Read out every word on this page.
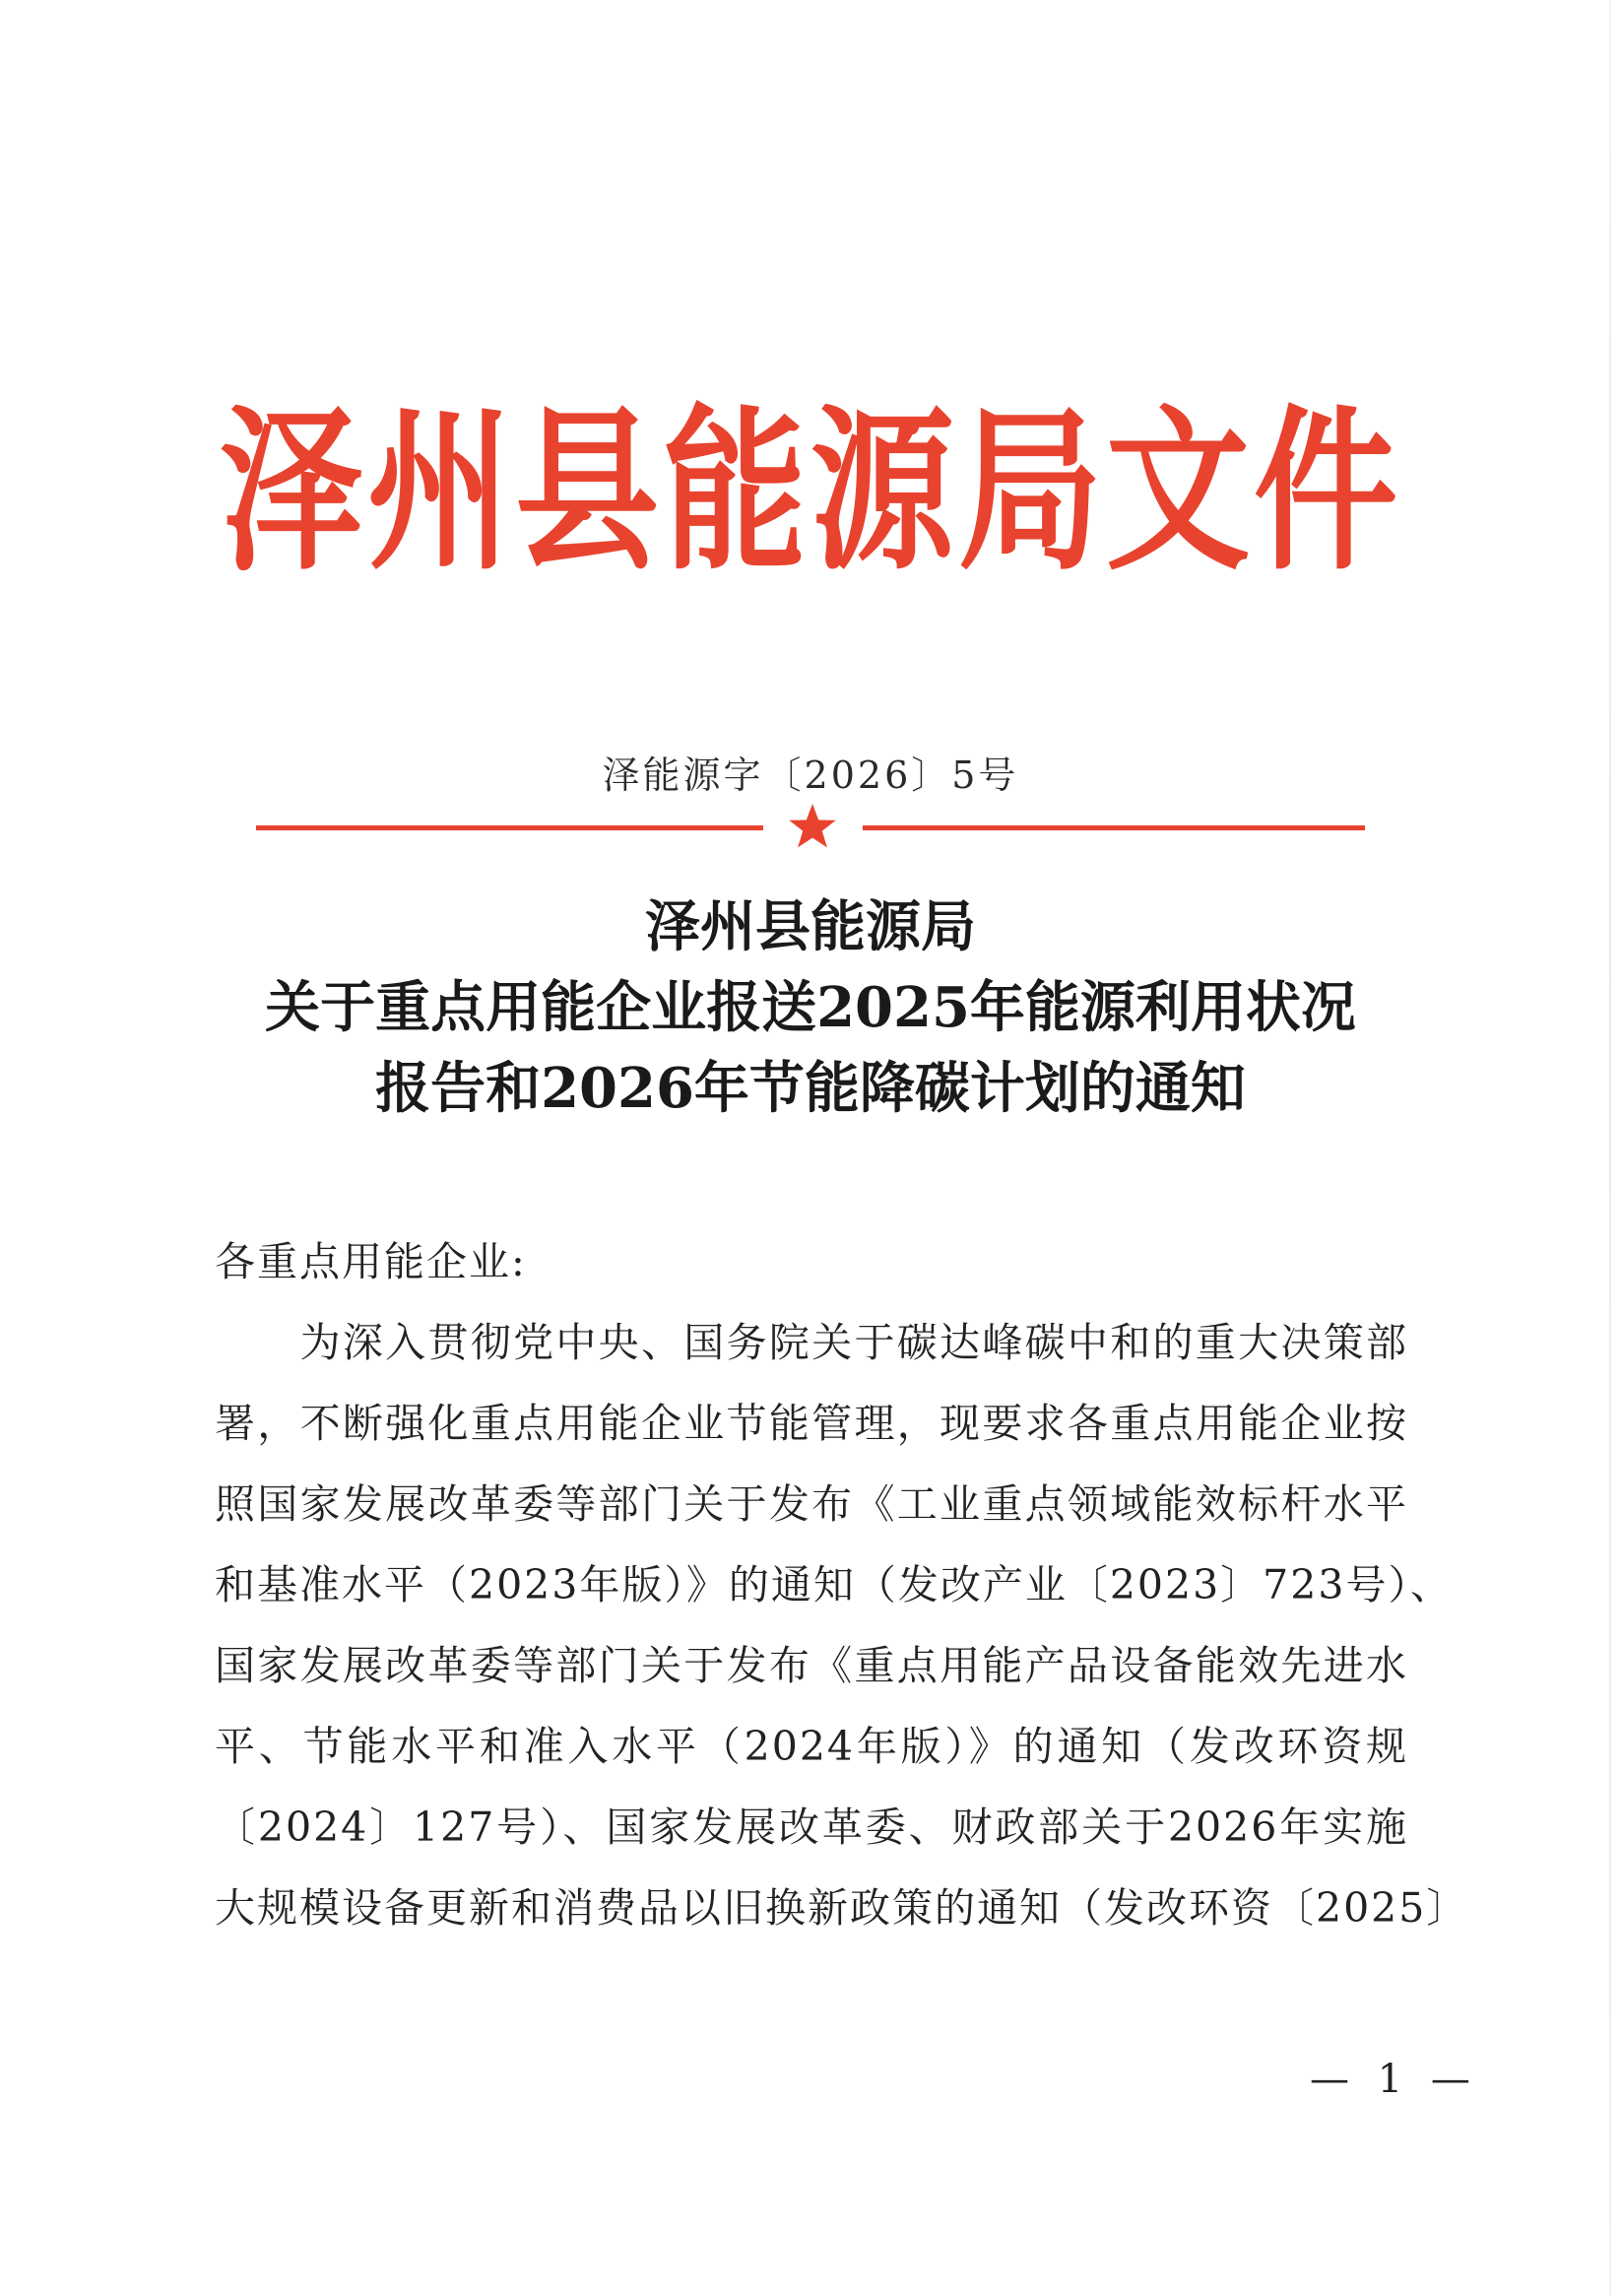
泽州县能源局文件
泽能源字〔2026〕5号
泽州县能源局
关于重点用能企业报送2025年能源利用状况
报告和2026年节能降碳计划的通知
各重点用能企业:
　　为深入贯彻党中央、国务院关于碳达峰碳中和的重大决策部
署，不断强化重点用能企业节能管理，现要求各重点用能企业按
照国家发展改革委等部门关于发布《工业重点领域能效标杆水平
和基准水平（2023年版）》的通知（发改产业〔2023〕723号）、
国家发展改革委等部门关于发布《重点用能产品设备能效先进水
平、节能水平和准入水平（2024年版）》的通知（发改环资规
〔2024〕127号）、国家发展改革委、财政部关于2026年实施
大规模设备更新和消费品以旧换新政策的通知（发改环资〔2025〕
— 1 —
